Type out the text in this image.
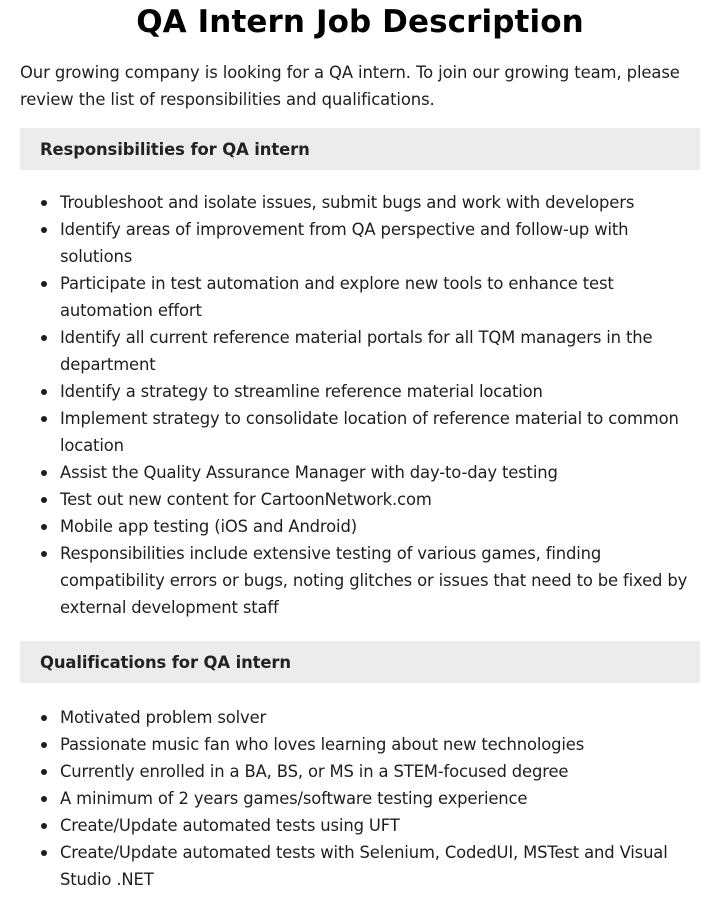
QA Intern Job Description

Our growing company is looking for a QA intern. To join our growing team, please review the list of responsibilities and qualifications.

Responsibilities for QA intern
Troubleshoot and isolate issues, submit bugs and work with developers
Identify areas of improvement from QA perspective and follow-up with solutions
Participate in test automation and explore new tools to enhance test automation effort
Identify all current reference material portals for all TQM managers in the department
Identify a strategy to streamline reference material location
Implement strategy to consolidate location of reference material to common location
Assist the Quality Assurance Manager with day-to-day testing
Test out new content for CartoonNetwork.com
Mobile app testing (iOS and Android)
Responsibilities include extensive testing of various games, finding compatibility errors or bugs, noting glitches or issues that need to be fixed by external development staff
Qualifications for QA intern
Motivated problem solver
Passionate music fan who loves learning about new technologies
Currently enrolled in a BA, BS, or MS in a STEM-focused degree
A minimum of 2 years games/software testing experience
Create/Update automated tests using UFT
Create/Update automated tests with Selenium, CodedUI, MSTest and Visual Studio .NET
